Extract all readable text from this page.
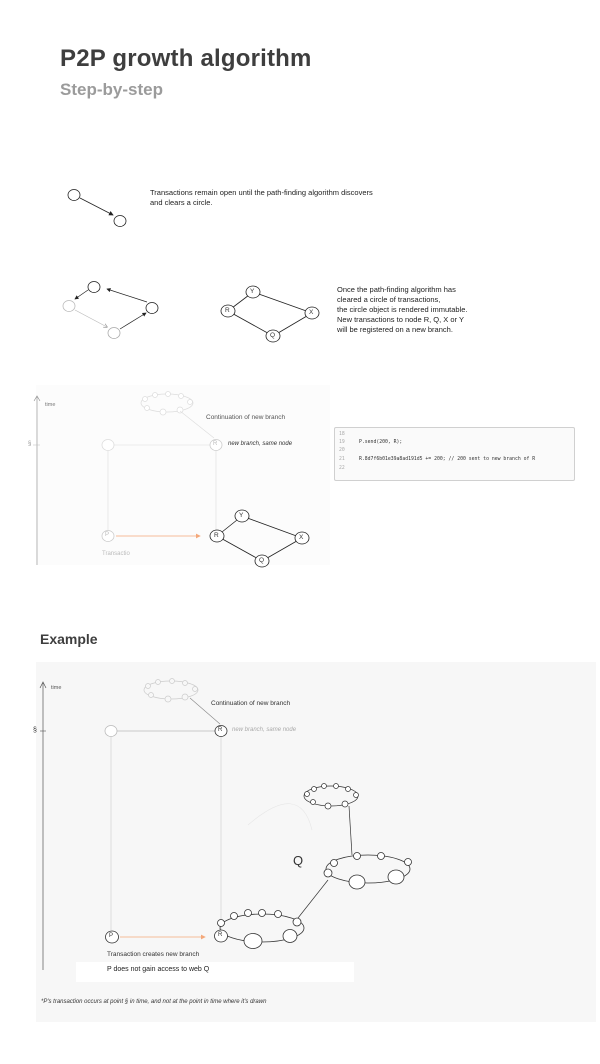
P2P growth algorithm
Step-by-step
Transactions remain open until the path-finding algorithm discovers
and clears a circle.
Y
R	X
Q
Once the path-finding algorithm has
cleared a circle of transactions,
the circle object is rendered immutable.
New transactions to node R, Q, X or Y
will be registered on a new branch.
time
§
Continuation of new branch
R new branch, same node
P
Y
R	X
Q
Transactio
18
19	P.send(200, R);
20
21	R.8d7f6b01e39a8ad191d5 += 200; // 200 sent to new branch of R
22
Example
time
§
Continuation of new branch
R new branch, same node
P	R
Q
Transaction creates new branch
P does not gain access to web Q
*P's transaction occurs at point § in time, and not at the point in time where it's drawn
